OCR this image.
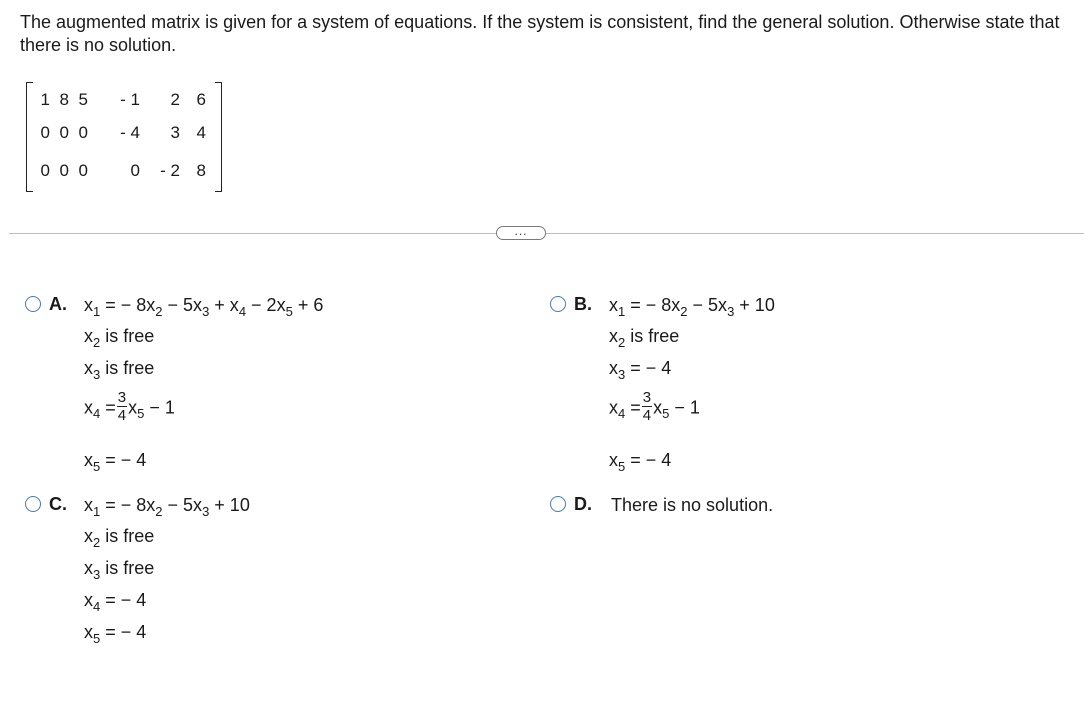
The augmented matrix is given for a system of equations. If the system is consistent, find the general solution. Otherwise state that there is no solution.
1 8 5	- 1	2 6
0 0 0	- 4	3 4
0 0 0	0	- 2 8
...
A. $x_1$ = − $8x_2 - 5x_3 + x_4 - 2x_5 + 6$
$x_2$ is free
$x_3$ is free
$x_4 = \frac{3}{4} x_5 - 1$
$x_5$ = − 4
B. $x_1$ = − $8x_2 - 5x_3 + 10$
$x_2$ is free
$x_3$ = − 4
$x_4 = \frac{3}{4} x_5 - 1$
$x_5$ = − 4
C. $x_1$ = − $8x_2 - 5x_3 + 10$
$x_2$ is free
$x_3$ is free
$x_4$ = − 4
$x_5$ = − 4
D. There is no solution.
